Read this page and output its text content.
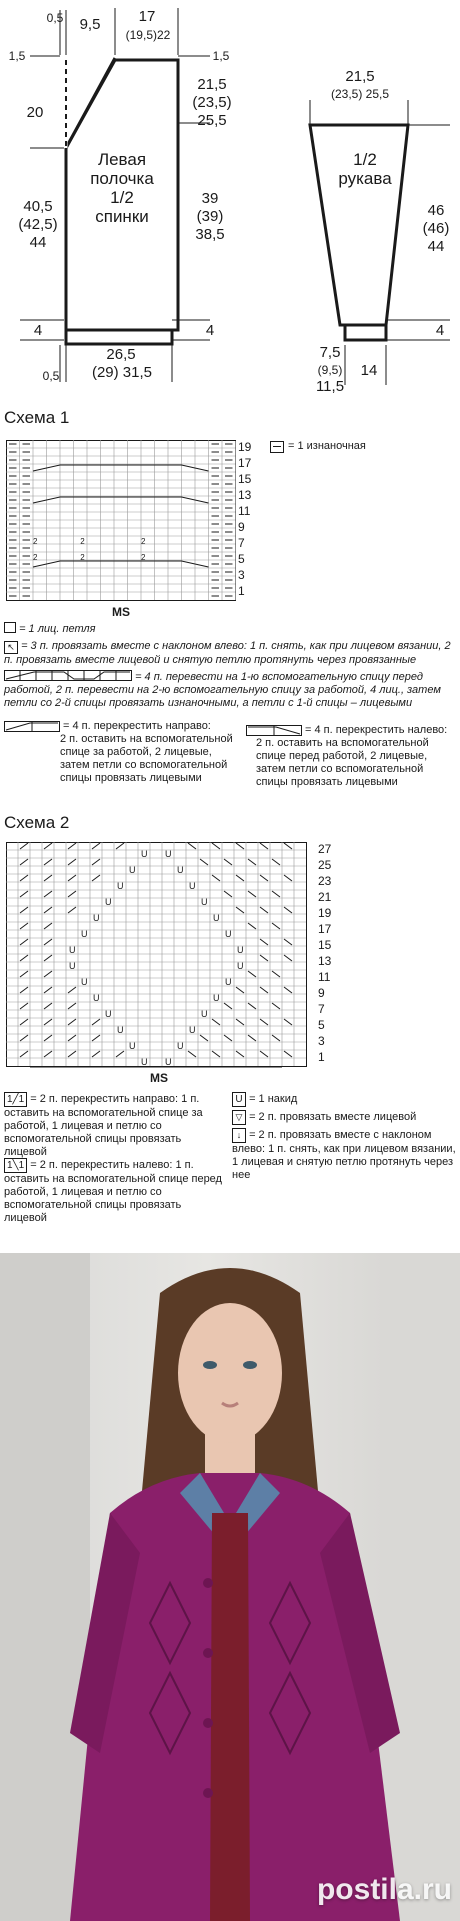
0,5	9,5	17
(19,5)22
1,5	1,5
20
21,5
(23,5)
25,5
40,5
(42,5)
44
39
(39)
38,5
4	4
26,5
(29) 31,5
0,5
Левая
полочка
1/2
спинки
21,5
(23,5) 25,5
1/2
рукава
46
(46)
44
4
7,5
(9,5)
11,5
14
Схема 1
2
2
2
2
2
2
19
17
15
13
11
9
7
5
3
1
= 1 изнаночная
MS
= 1 лиц. петля
↖ = 3 п. провязать вместе с наклоном влево: 1 п. снять, как при лицевом вязании, 2 п. провязать вместе лицевой и снятую петлю протянуть через провязанные
= 4 п. перевести на 1-ю вспомогательную спицу перед работой, 2 п. перевести на 2-ю вспомогательную спицу за работой, 4 лиц., затем петли со 2-й спицы провязать изнаночными, а петли с 1-й спицы – лицевыми
= 4 п. перекрестить направо:
2 п. оставить на вспомогательной спице за работой, 2 лицевые, затем петли со вспомогательной спицы провязать лицевыми
= 4 п. перекрестить налево:
2 п. оставить на вспомогательной спице перед работой, 2 лицевые, затем петли со вспомогательной спицы провязать лицевыми
Схема 2
U U
U	U
U	U
U	U
U	U
U	U
U	U
U	U
U	U
U	U
U	U
U	U
U	U
U U
27
25
23
21
19
17
15
13
11
9
7
5
3
1
MS
1╱1 = 2 п. перекрестить направо: 1 п. оставить на вспомогательной спице за работой, 1 лицевая и петлю со вспомогательной спицы провязать лицевой
1╲1 = 2 п. перекрестить налево: 1 п. оставить на вспомогательной спице перед работой, 1 лицевая и петлю со вспомогательной спицы провязать лицевой
U = 1 накид
▽ = 2 п. провязать вместе лицевой
↓ = 2 п. провязать вместе с наклоном влево: 1 п. снять, как при лицевом вязании, 1 лицевая и снятую петлю протянуть через нее
postila.ru
